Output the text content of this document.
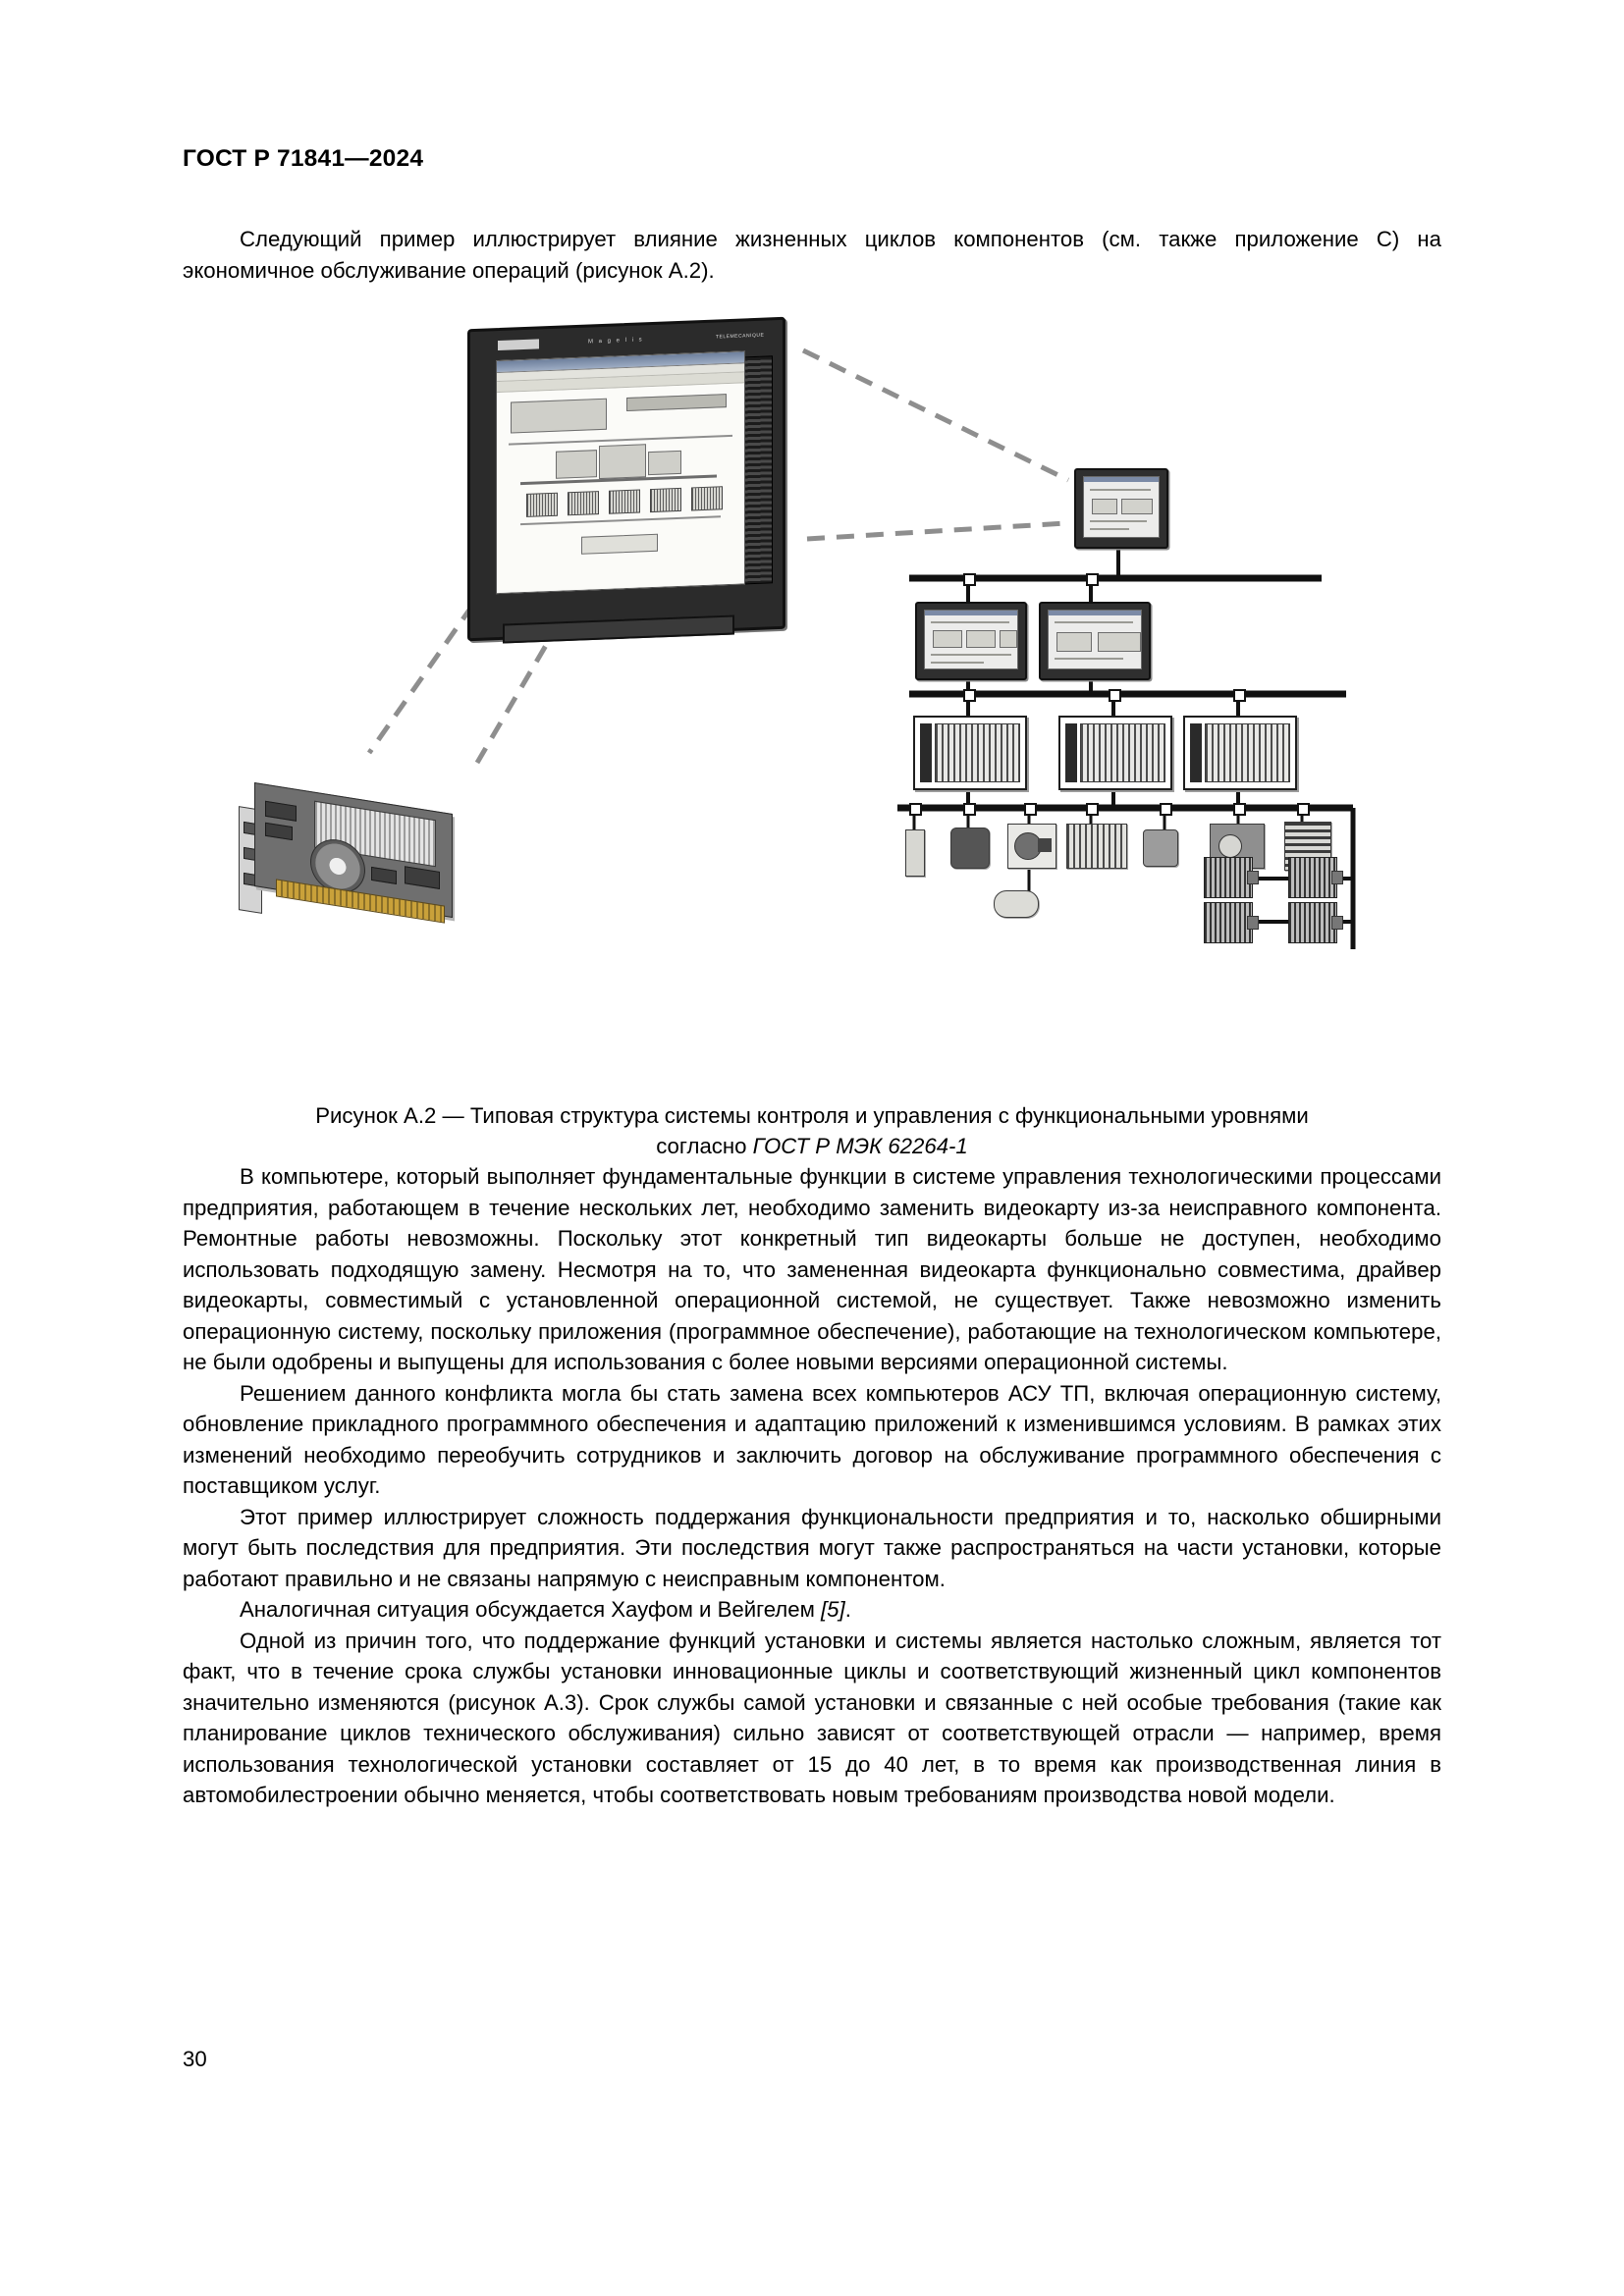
ГОСТ Р 71841—2024

Следующий пример иллюстрирует влияние жизненных циклов компонентов (см. также приложение С) на экономичное обслуживание операций (рисунок А.2).

M a g e l i s
TELEMECANIQUE
Рисунок А.2 — Типовая структура системы контроля и управления с функциональными уровнями
согласно ГОСТ Р МЭК 62264-1

В компьютере, который выполняет фундаментальные функции в системе управления технологическими процессами предприятия, работающем в течение нескольких лет, необходимо заменить видеокарту из-за неисправного компонента. Ремонтные работы невозможны. Поскольку этот конкретный тип видеокарты больше не доступен, необходимо использовать подходящую замену. Несмотря на то, что замененная видеокарта функционально совместима, драйвер видеокарты, совместимый с установленной операционной системой, не существует. Также невозможно изменить операционную систему, поскольку приложения (программное обеспечение), работающие на технологическом компьютере, не были одобрены и выпущены для использования с более новыми версиями операционной системы.

Решением данного конфликта могла бы стать замена всех компьютеров АСУ ТП, включая операционную систему, обновление прикладного программного обеспечения и адаптацию приложений к изменившимся условиям. В рамках этих изменений необходимо переобучить сотрудников и заключить договор на обслуживание программного обеспечения с поставщиком услуг.

Этот пример иллюстрирует сложность поддержания функциональности предприятия и то, насколько обширными могут быть последствия для предприятия. Эти последствия могут также распространяться на части установки, которые работают правильно и не связаны напрямую с неисправным компонентом.

Аналогичная ситуация обсуждается Хауфом и Вейгелем [5].

Одной из причин того, что поддержание функций установки и системы является настолько сложным, является тот факт, что в течение срока службы установки инновационные циклы и соответствующий жизненный цикл компонентов значительно изменяются (рисунок А.3). Срок службы самой установки и связанные с ней особые требования (такие как планирование циклов технического обслуживания) сильно зависят от соответствующей отрасли — например, время использования технологической установки составляет от 15 до 40 лет, в то время как производственная линия в автомобилестроении обычно меняется, чтобы соответствовать новым требованиям производства новой модели.

30
